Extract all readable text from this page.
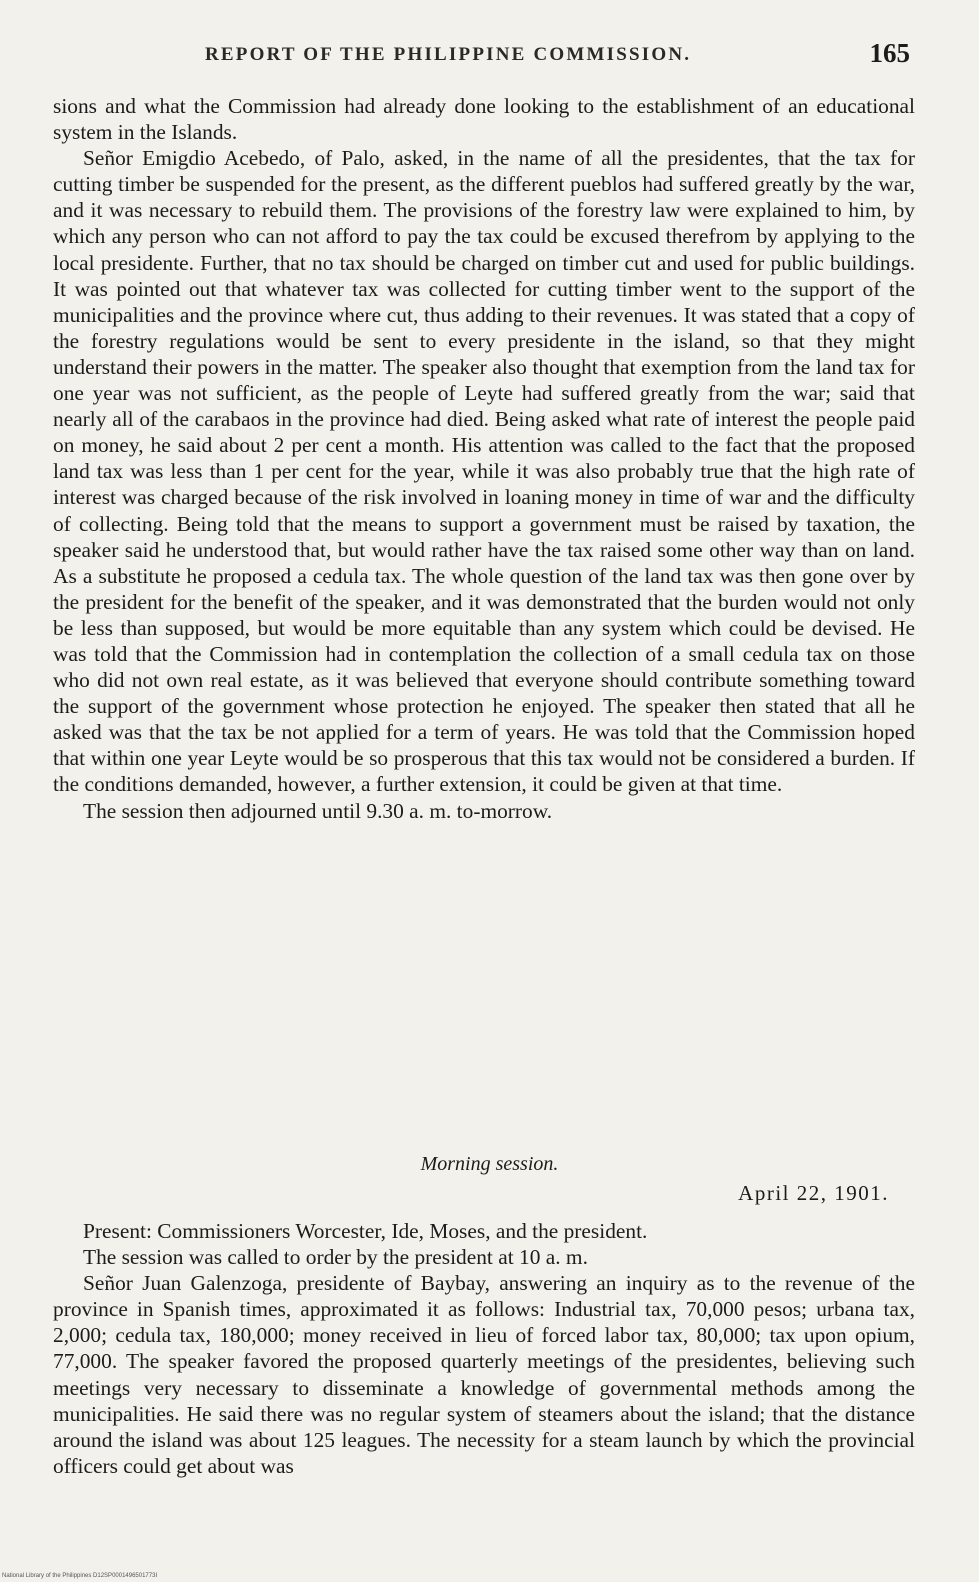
REPORT OF THE PHILIPPINE COMMISSION.	165

sions and what the Commission had already done looking to the establishment of an educational system in the Islands.

Señor Emigdio Acebedo, of Palo, asked, in the name of all the presidentes, that the tax for cutting timber be suspended for the present, as the different pueblos had suffered greatly by the war, and it was necessary to rebuild them. The provisions of the forestry law were explained to him, by which any person who can not afford to pay the tax could be excused therefrom by applying to the local presidente. Further, that no tax should be charged on timber cut and used for public buildings. It was pointed out that whatever tax was collected for cutting timber went to the support of the municipalities and the province where cut, thus adding to their revenues. It was stated that a copy of the forestry regulations would be sent to every presidente in the island, so that they might understand their powers in the matter. The speaker also thought that exemption from the land tax for one year was not sufficient, as the people of Leyte had suffered greatly from the war; said that nearly all of the carabaos in the province had died. Being asked what rate of interest the people paid on money, he said about 2 per cent a month. His attention was called to the fact that the proposed land tax was less than 1 per cent for the year, while it was also probably true that the high rate of interest was charged because of the risk involved in loaning money in time of war and the difficulty of collecting. Being told that the means to support a government must be raised by taxation, the speaker said he understood that, but would rather have the tax raised some other way than on land. As a substitute he proposed a cedula tax. The whole question of the land tax was then gone over by the president for the benefit of the speaker, and it was demonstrated that the burden would not only be less than supposed, but would be more equitable than any system which could be devised. He was told that the Commission had in contemplation the collection of a small cedula tax on those who did not own real estate, as it was believed that everyone should contribute something toward the support of the government whose protection he enjoyed. The speaker then stated that all he asked was that the tax be not applied for a term of years. He was told that the Commission hoped that within one year Leyte would be so prosperous that this tax would not be considered a burden. If the conditions demanded, however, a further extension, it could be given at that time.

The session then adjourned until 9.30 a. m. to-morrow.

Morning session.
April 22, 1901.

Present: Commissioners Worcester, Ide, Moses, and the president.

The session was called to order by the president at 10 a. m.

Señor Juan Galenzoga, presidente of Baybay, answering an inquiry as to the revenue of the province in Spanish times, approximated it as follows: Industrial tax, 70,000 pesos; urbana tax, 2,000; cedula tax, 180,000; money received in lieu of forced labor tax, 80,000; tax upon opium, 77,000. The speaker favored the proposed quarterly meetings of the presidentes, believing such meetings very necessary to disseminate a knowledge of governmental methods among the municipalities. He said there was no regular system of steamers about the island; that the distance around the island was about 125 leagues. The necessity for a steam launch by which the provincial officers could get about was

National Library of the Philippines D12SP0001496501773I
